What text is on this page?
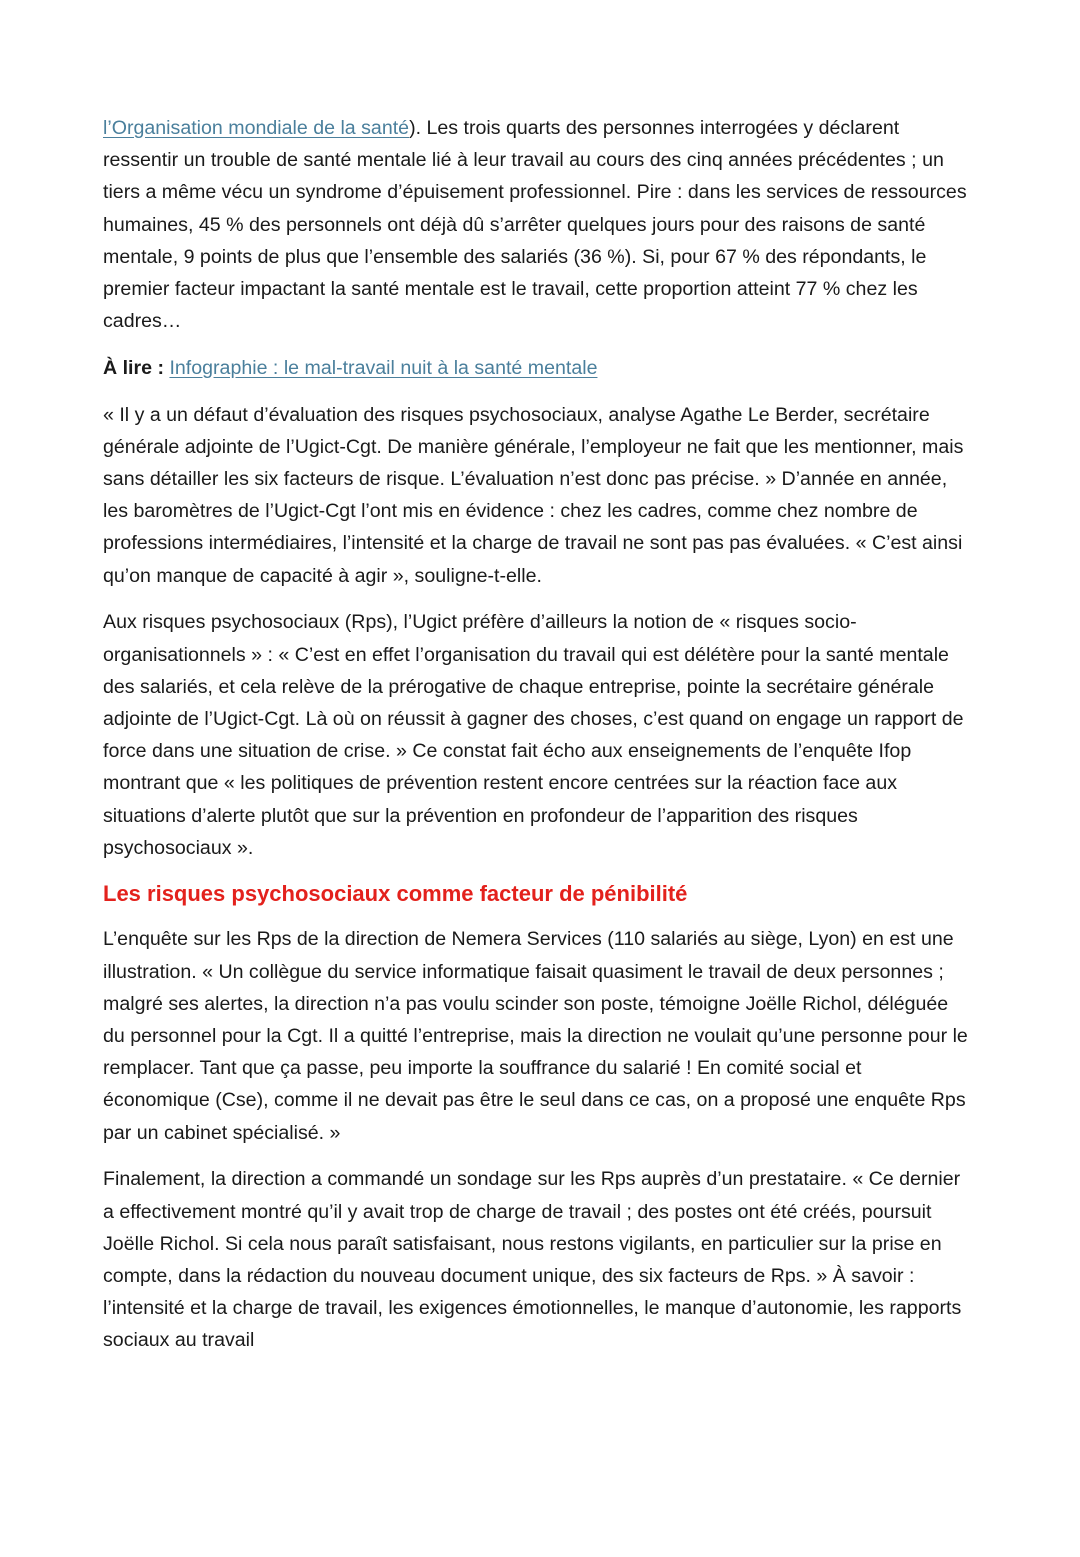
l’Organisation mondiale de la santé). Les trois quarts des personnes interrogées y déclarent ressentir un trouble de santé mentale lié à leur travail au cours des cinq années précédentes ; un tiers a même vécu un syndrome d’épuisement professionnel. Pire : dans les services de ressources humaines, 45 % des personnels ont déjà dû s’arrêter quelques jours pour des raisons de santé mentale, 9 points de plus que l’ensemble des salariés (36 %). Si, pour 67 % des répondants, le premier facteur impactant la santé mentale est le travail, cette proportion atteint 77 % chez les cadres…

À lire : Infographie : le mal-travail nuit à la santé mentale

« Il y a un défaut d’évaluation des risques psychosociaux, analyse Agathe Le Berder, secrétaire générale adjointe de l’Ugict-Cgt. De manière générale, l’employeur ne fait que les mentionner, mais sans détailler les six facteurs de risque. L’évaluation n’est donc pas précise. » D’année en année, les baromètres de l’Ugict-Cgt l’ont mis en évidence : chez les cadres, comme chez nombre de professions intermédiaires, l’intensité et la charge de travail ne sont pas pas évaluées. « C’est ainsi qu’on manque de capacité à agir », souligne-t-elle.

Aux risques psychosociaux (Rps), l’Ugict préfère d’ailleurs la notion de « risques socio-organisationnels » : « C’est en effet l’organisation du travail qui est délétère pour la santé mentale des salariés, et cela relève de la prérogative de chaque entreprise, pointe la secrétaire générale adjointe de l’Ugict-Cgt. Là où on réussit à gagner des choses, c’est quand on engage un rapport de force dans une situation de crise. » Ce constat fait écho aux enseignements de l’enquête Ifop montrant que « les politiques de prévention restent encore centrées sur la réaction face aux situations d’alerte plutôt que sur la prévention en profondeur de l’apparition des risques psychosociaux ».

Les risques psychosociaux comme facteur de pénibilité

L’enquête sur les Rps de la direction de Nemera Services (110 salariés au siège, Lyon) en est une illustration. « Un collègue du service informatique faisait quasiment le travail de deux personnes ; malgré ses alertes, la direction n’a pas voulu scinder son poste, témoigne Joëlle Richol, déléguée du personnel pour la Cgt. Il a quitté l’entreprise, mais la direction ne voulait qu’une personne pour le remplacer. Tant que ça passe, peu importe la souffrance du salarié ! En comité social et économique (Cse), comme il ne devait pas être le seul dans ce cas, on a proposé une enquête Rps par un cabinet spécialisé. »

Finalement, la direction a commandé un sondage sur les Rps auprès d’un prestataire. « Ce dernier a effectivement montré qu’il y avait trop de charge de travail ; des postes ont été créés, poursuit Joëlle Richol. Si cela nous paraît satisfaisant, nous restons vigilants, en particulier sur la prise en compte, dans la rédaction du nouveau document unique, des six facteurs de Rps. » À savoir : l’intensité et la charge de travail, les exigences émotionnelles, le manque d’autonomie, les rapports sociaux au travail
